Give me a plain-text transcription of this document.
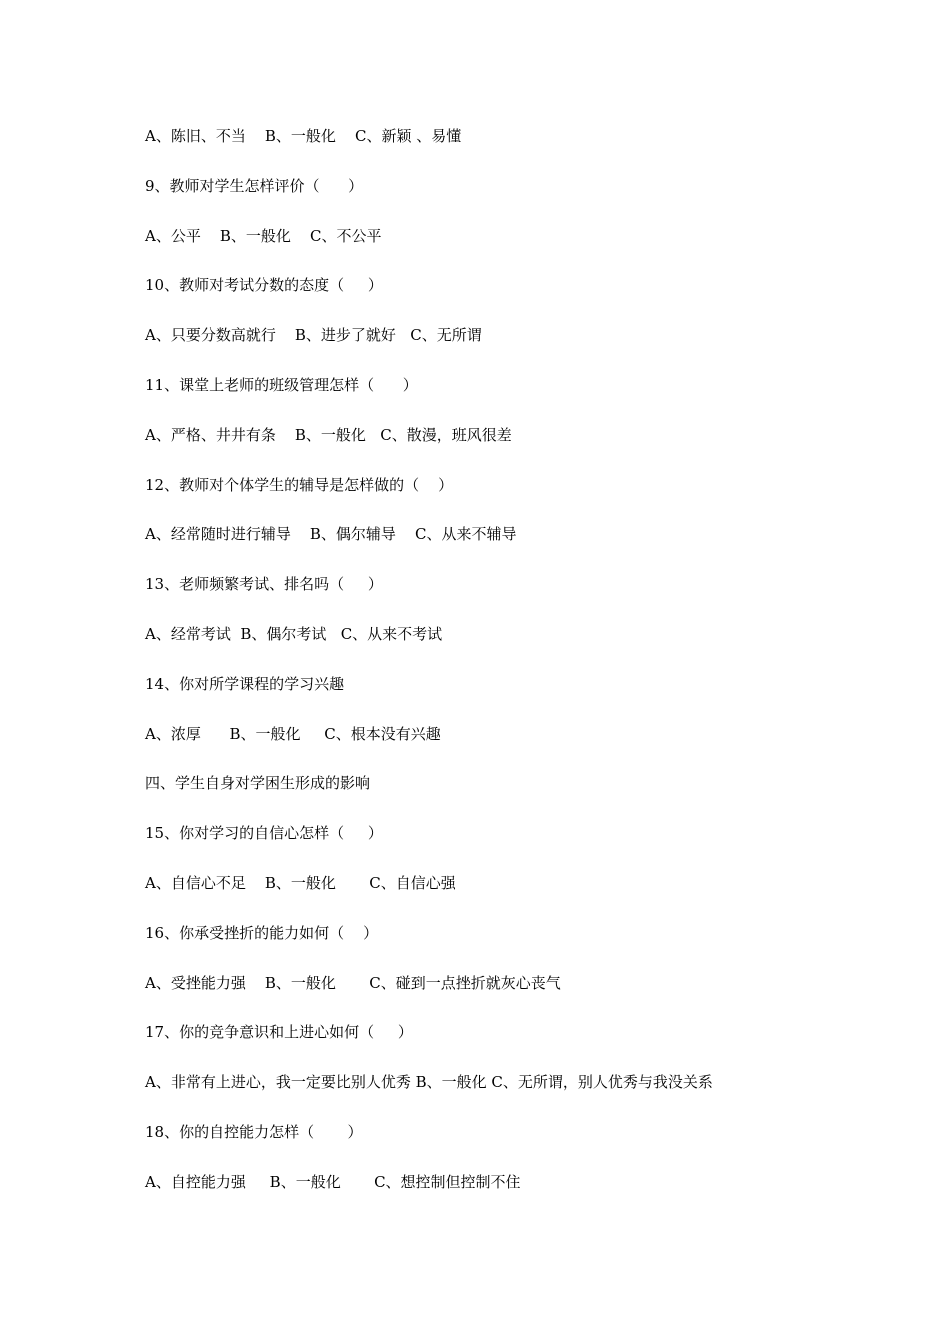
A、陈旧、不当    B、一般化    C、新颖 、易懂
9、教师对学生怎样评价（      ）
A、公平    B、一般化    C、不公平
10、教师对考试分数的态度（     ）
A、只要分数高就行    B、进步了就好   C、无所谓
11、课堂上老师的班级管理怎样（      ）
A、严格、井井有条    B、一般化   C、散漫，班风很差
12、教师对个体学生的辅导是怎样做的（    ）
A、经常随时进行辅导    B、偶尔辅导    C、从来不辅导
13、老师频繁考试、排名吗（     ）
A、经常考试  B、偶尔考试   C、从来不考试
14、你对所学课程的学习兴趣
A、浓厚      B、一般化     C、根本没有兴趣
四、学生自身对学困生形成的影响
15、你对学习的自信心怎样（     ）
A、自信心不足    B、一般化       C、自信心强
16、你承受挫折的能力如何（    ）
A、受挫能力强    B、一般化       C、碰到一点挫折就灰心丧气
17、你的竞争意识和上进心如何（     ）
A、非常有上进心，我一定要比别人优秀 B、一般化 C、无所谓，别人优秀与我没关系
18、你的自控能力怎样（       ）
A、自控能力强     B、一般化       C、想控制但控制不住
